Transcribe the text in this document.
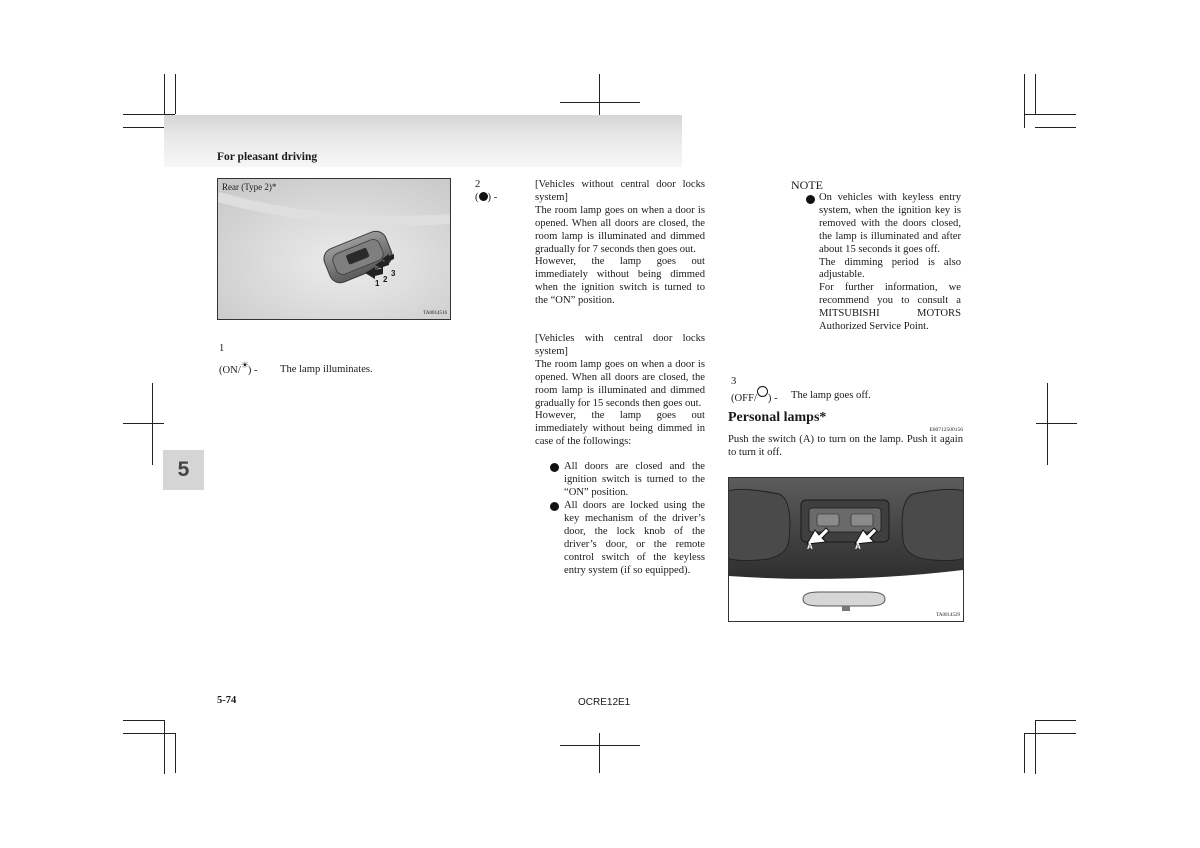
For pleasant driving
Rear (Type 2)*
1 2
3
TA0014516
1
(ON/☀) - The lamp illuminates.
2
( ) -
[Vehicles without central door locks system]
The room lamp goes on when a door is opened. When all doors are closed, the room lamp is illuminated and dimmed gradually for 7 seconds then goes out.
However, the lamp goes out immediately without being dimmed when the ignition switch is turned to the “ON” position.
[Vehicles with central door locks system]
The room lamp goes on when a door is opened. When all doors are closed, the room lamp is illuminated and dimmed gradually for 15 seconds then goes out.
However, the lamp goes out immediately without being dimmed in case of the followings:
All doors are closed and the ignition switch is turned to the “ON” position.
All doors are locked using the key mechanism of the driver’s door, the lock knob of the driver’s door, or the remote control switch of the keyless entry system (if so equipped).
NOTE
On vehicles with keyless entry system, when the ignition key is removed with the doors closed, the lamp is illuminated and after about 15 seconds it goes off.
The dimming period is also adjustable.
For further information, we recommend you to consult a MITSUBISHI MOTORS Authorized Service Point.
3
(OFF/ ) - The lamp goes off.
Personal lamps*
E00712500156
Push the switch (A) to turn on the lamp. Push it again to turn it off.
A	A
TA0014529
5
5-74	OCRE12E1
